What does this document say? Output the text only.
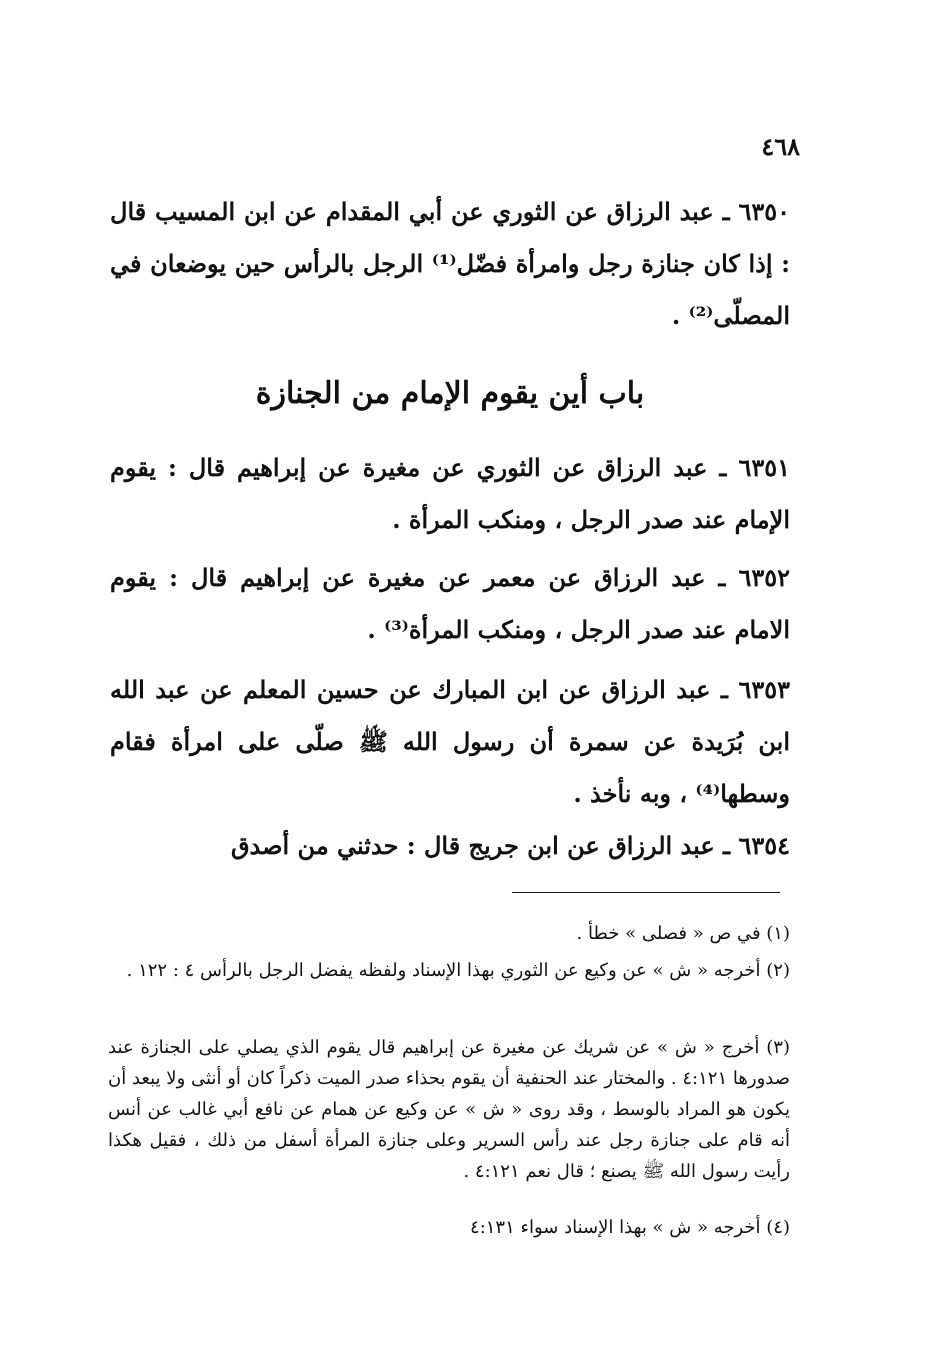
٤٦٨

٦٣٥٠ ـ عبد الرزاق عن الثوري عن أبي المقدام عن ابن المسيب قال : إذا كان جنازة رجل وامرأة فضّل⁽¹⁾ الرجل بالرأس حين يوضعان في المصلّى⁽²⁾ .

باب أين يقوم الإمام من الجنازة

٦٣٥١ ـ عبد الرزاق عن الثوري عن مغيرة عن إبراهيم قال : يقوم الإمام عند صدر الرجل ، ومنكب المرأة .

٦٣٥٢ ـ عبد الرزاق عن معمر عن مغيرة عن إبراهيم قال : يقوم الامام عند صدر الرجل ، ومنكب المرأة⁽³⁾ .

٦٣٥٣ ـ عبد الرزاق عن ابن المبارك عن حسين المعلم عن عبد الله ابن بُرَيدة عن سمرة أن رسول الله ﷺ صلّى على امرأة فقام وسطها⁽⁴⁾ ، وبه نأخذ .

٦٣٥٤ ـ عبد الرزاق عن ابن جريج قال : حدثني من أصدق

(١) في ص « فصلى » خطأ .

(٢) أخرجه « ش » عن وكيع عن الثوري بهذا الإسناد ولفظه يفضل الرجل بالرأس ٤ : ١٢٢ .

(٣) أخرج « ش » عن شريك عن مغيرة عن إبراهيم قال يقوم الذي يصلي على الجنازة عند صدورها ٤:١٢١ . والمختار عند الحنفية أن يقوم بحذاء صدر الميت ذكراً كان أو أنثى ولا يبعد أن يكون هو المراد بالوسط ، وقد روى « ش » عن وكيع عن همام عن نافع أبي غالب عن أنس أنه قام على جنازة رجل عند رأس السرير وعلى جنازة المرأة أسفل من ذلك ، فقيل هكذا رأيت رسول الله ﷺ يصنع ؛ قال نعم ٤:١٢١ .

(٤) أخرجه « ش » بهذا الإسناد سواء ٤:١٣١
